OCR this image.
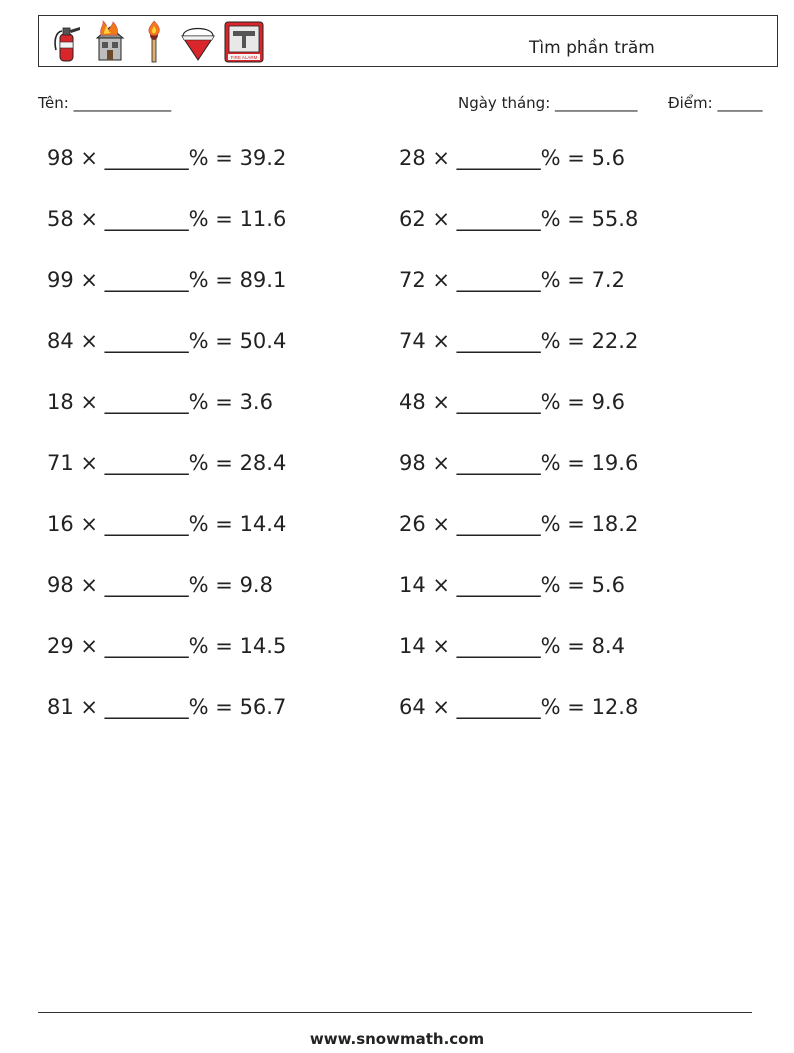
FIRE ALARM	Tìm phần trăm
Tên: _____________	Ngày tháng: ___________ Điểm: ______
98 × ________% = 39.2
58 × ________% = 11.6
99 × ________% = 89.1
84 × ________% = 50.4
18 × ________% = 3.6
71 × ________% = 28.4
16 × ________% = 14.4
98 × ________% = 9.8
29 × ________% = 14.5
81 × ________% = 56.7
28 × ________% = 5.6
62 × ________% = 55.8
72 × ________% = 7.2
74 × ________% = 22.2
48 × ________% = 9.6
98 × ________% = 19.6
26 × ________% = 18.2
14 × ________% = 5.6
14 × ________% = 8.4
64 × ________% = 12.8
www.snowmath.com
